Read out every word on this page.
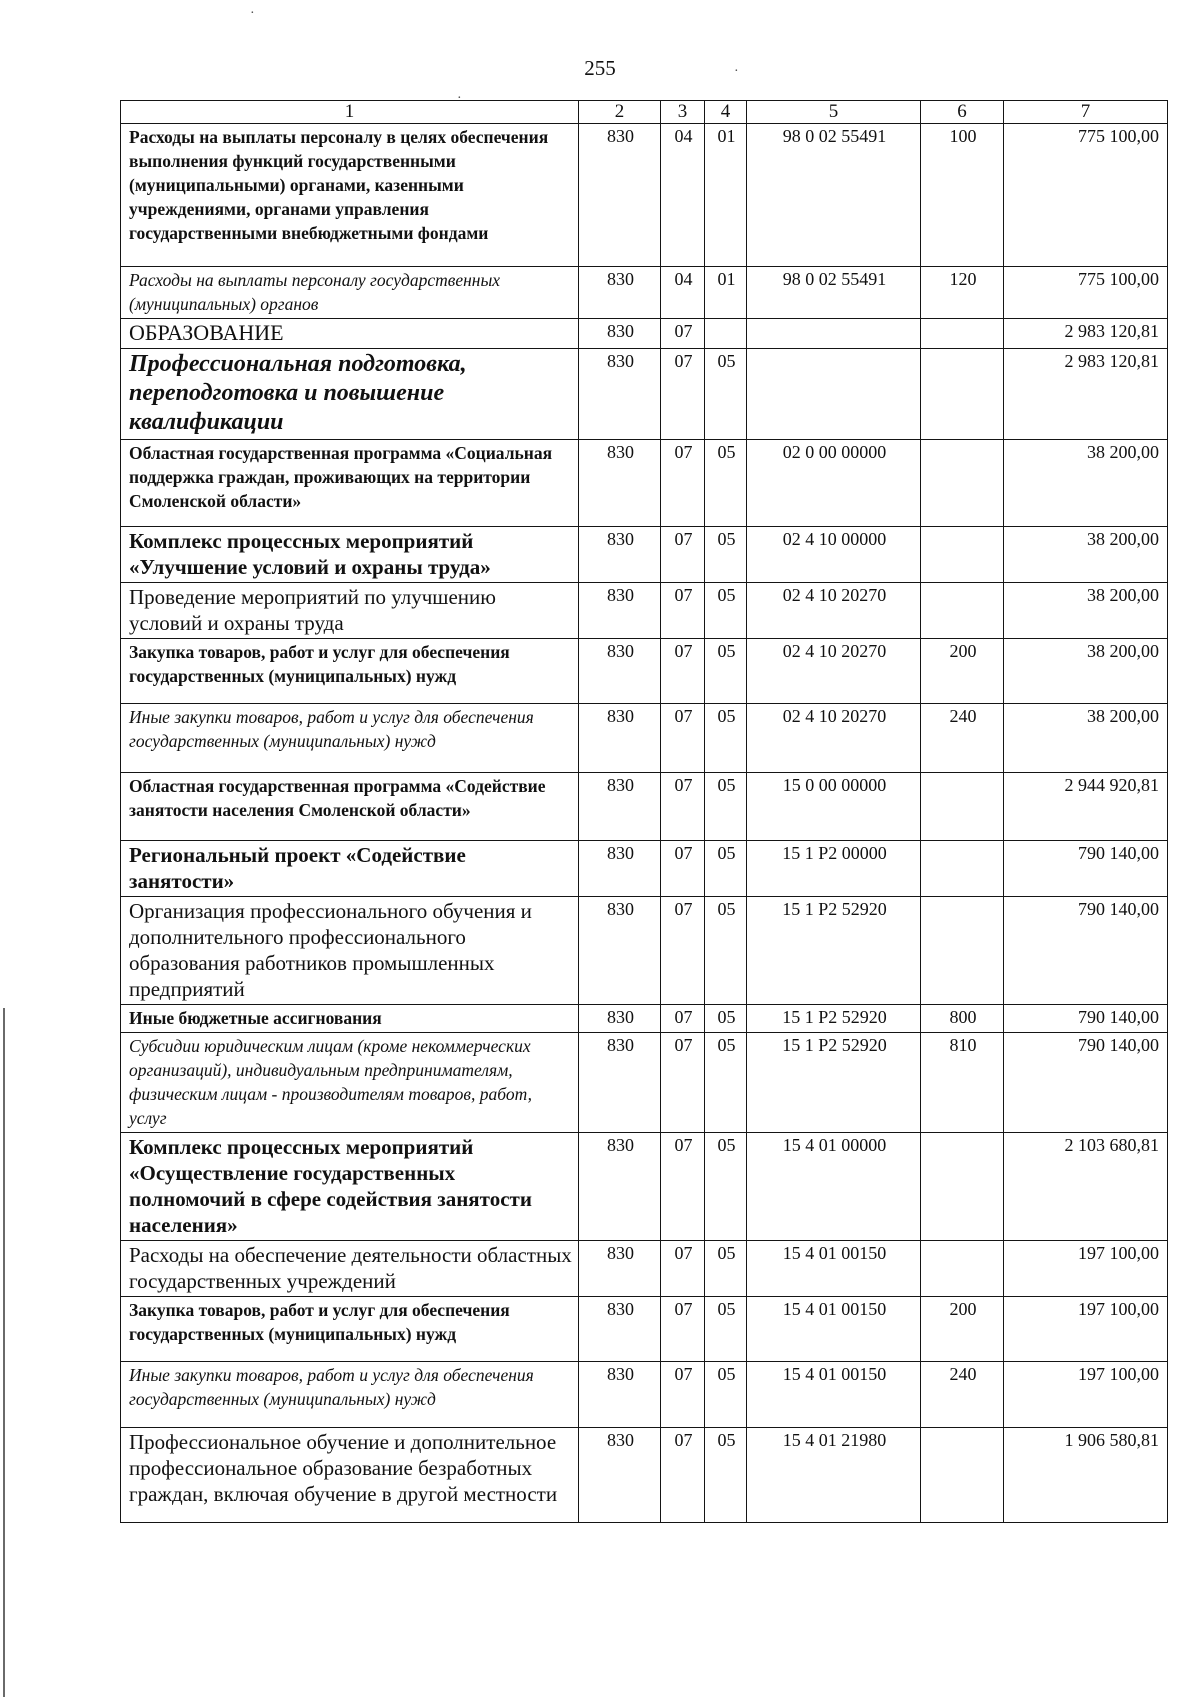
255
·
·
·
1	2	3	4	5	6	7
Расходы на выплаты персоналу в целях обеспечения выполнения функций государственными (муниципальными) органами, казенными учреждениями, органами управления государственными внебюджетными фондами	830	04	01	98 0 02 55491	100	775 100,00
Расходы на выплаты персоналу государственных (муниципальных) органов	830	04	01	98 0 02 55491	120	775 100,00
ОБРАЗОВАНИЕ	830	07				2 983 120,81
Профессиональная подготовка, переподготовка и повышение квалификации	830	07	05			2 983 120,81
Областная государственная программа «Социальная поддержка граждан, проживающих на территории Смоленской области»	830	07	05	02 0 00 00000		38 200,00
Комплекс процессных мероприятий «Улучшение условий и охраны труда»	830	07	05	02 4 10 00000		38 200,00
Проведение мероприятий по улучшению условий и охраны труда	830	07	05	02 4 10 20270		38 200,00
Закупка товаров, работ и услуг для обеспечения государственных (муниципальных) нужд	830	07	05	02 4 10 20270	200	38 200,00
Иные закупки товаров, работ и услуг для обеспечения государственных (муниципальных) нужд	830	07	05	02 4 10 20270	240	38 200,00
Областная государственная программа «Содействие занятости населения Смоленской области»	830	07	05	15 0 00 00000		2 944 920,81
Региональный проект «Содействие занятости»	830	07	05	15 1 Р2 00000		790 140,00
Организация профессионального обучения и дополнительного профессионального образования работников промышленных предприятий	830	07	05	15 1 Р2 52920		790 140,00
Иные бюджетные ассигнования	830	07	05	15 1 Р2 52920	800	790 140,00
Субсидии юридическим лицам (кроме некоммерческих организаций), индивидуальным предпринимателям, физическим лицам - производителям товаров, работ, услуг	830	07	05	15 1 Р2 52920	810	790 140,00
Комплекс процессных мероприятий «Осуществление государственных полномочий в сфере содействия занятости населения»	830	07	05	15 4 01 00000		2 103 680,81
Расходы на обеспечение деятельности областных государственных учреждений	830	07	05	15 4 01 00150		197 100,00
Закупка товаров, работ и услуг для обеспечения государственных (муниципальных) нужд	830	07	05	15 4 01 00150	200	197 100,00
Иные закупки товаров, работ и услуг для обеспечения государственных (муниципальных) нужд	830	07	05	15 4 01 00150	240	197 100,00
Профессиональное обучение и дополнительное профессиональное образование безработных граждан, включая обучение в другой местности	830	07	05	15 4 01 21980		1 906 580,81
